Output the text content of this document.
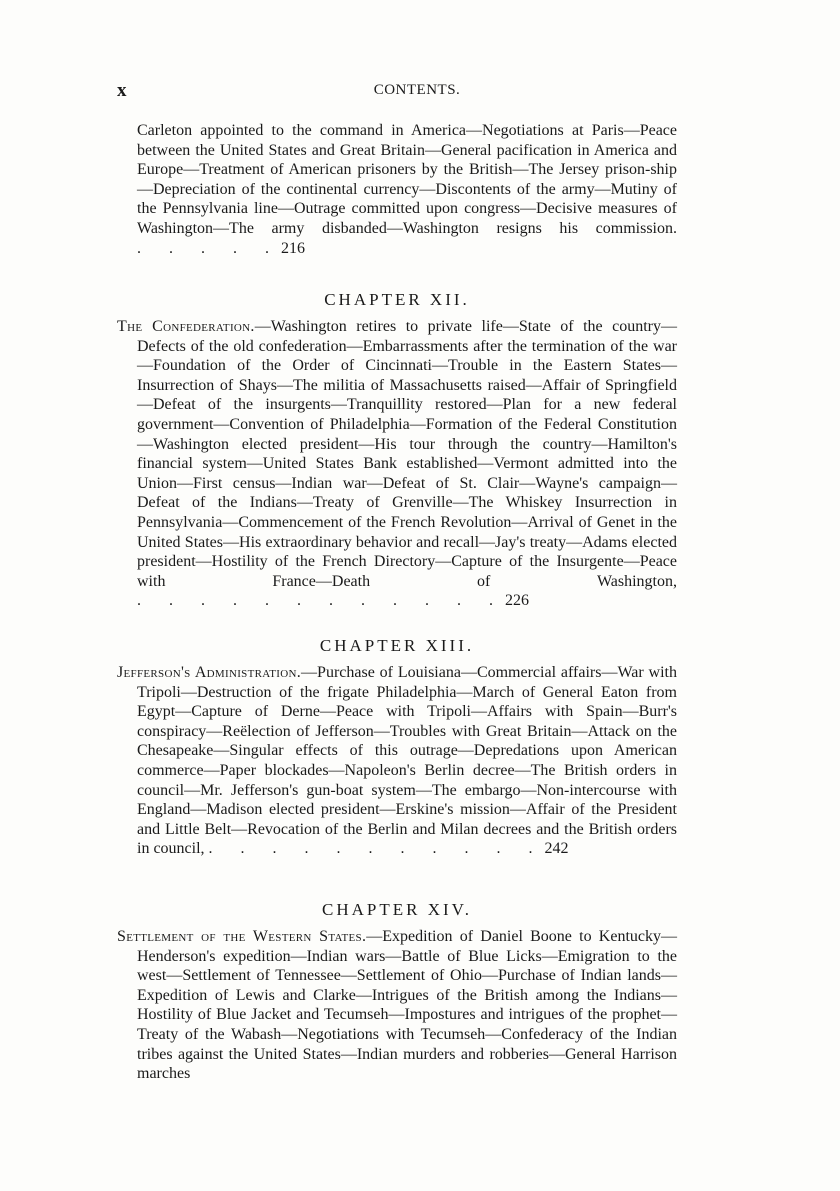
x	CONTENTS.
Carleton appointed to the command in America—Negotiations at Paris—Peace between the United States and Great Britain—General pacification in America and Europe—Treatment of American prisoners by the British—The Jersey prison-ship—Depreciation of the continental currency—Discontents of the army—Mutiny of the Pennsylvania line—Outrage committed upon congress—Decisive measures of Washington—The army disbanded—Washington resigns his commission. . . . . .216
CHAPTER XII.
The Confederation.—Washington retires to private life—State of the country—Defects of the old confederation—Embarrassments after the termination of the war—Foundation of the Order of Cincinnati—Trouble in the Eastern States—Insurrection of Shays—The militia of Massachusetts raised—Affair of Springfield—Defeat of the insurgents—Tranquillity restored—Plan for a new federal government—Convention of Philadelphia—Formation of the Federal Constitution—Washington elected president—His tour through the country—Hamilton's financial system—United States Bank established—Vermont admitted into the Union—First census—Indian war—Defeat of St. Clair—Wayne's campaign—Defeat of the Indians—Treaty of Grenville—The Whiskey Insurrection in Pennsylvania—Commencement of the French Revolution—Arrival of Genet in the United States—His extraordinary behavior and recall—Jay's treaty—Adams elected president—Hostility of the French Directory—Capture of the Insurgente—Peace with France—Death of Washington, . . . . . . . . . . . .226
CHAPTER XIII.
Jefferson's Administration.—Purchase of Louisiana—Commercial affairs—War with Tripoli—Destruction of the frigate Philadelphia—March of General Eaton from Egypt—Capture of Derne—Peace with Tripoli—Affairs with Spain—Burr's conspiracy—Reëlection of Jefferson—Troubles with Great Britain—Attack on the Chesapeake—Singular effects of this outrage—Depredations upon American commerce—Paper blockades—Napoleon's Berlin decree—The British orders in council—Mr. Jefferson's gun-boat system—The embargo—Non-intercourse with England—Madison elected president—Erskine's mission—Affair of the President and Little Belt—Revocation of the Berlin and Milan decrees and the British orders in council, . . . . . . . . . . .242
CHAPTER XIV.
Settlement of the Western States.—Expedition of Daniel Boone to Kentucky—Henderson's expedition—Indian wars—Battle of Blue Licks—Emigration to the west—Settlement of Tennessee—Settlement of Ohio—Purchase of Indian lands—Expedition of Lewis and Clarke—Intrigues of the British among the Indians—Hostility of Blue Jacket and Tecumseh—Impostures and intrigues of the prophet—Treaty of the Wabash—Negotiations with Tecumseh—Confederacy of the Indian tribes against the United States—Indian murders and robberies—General Harrison marches
